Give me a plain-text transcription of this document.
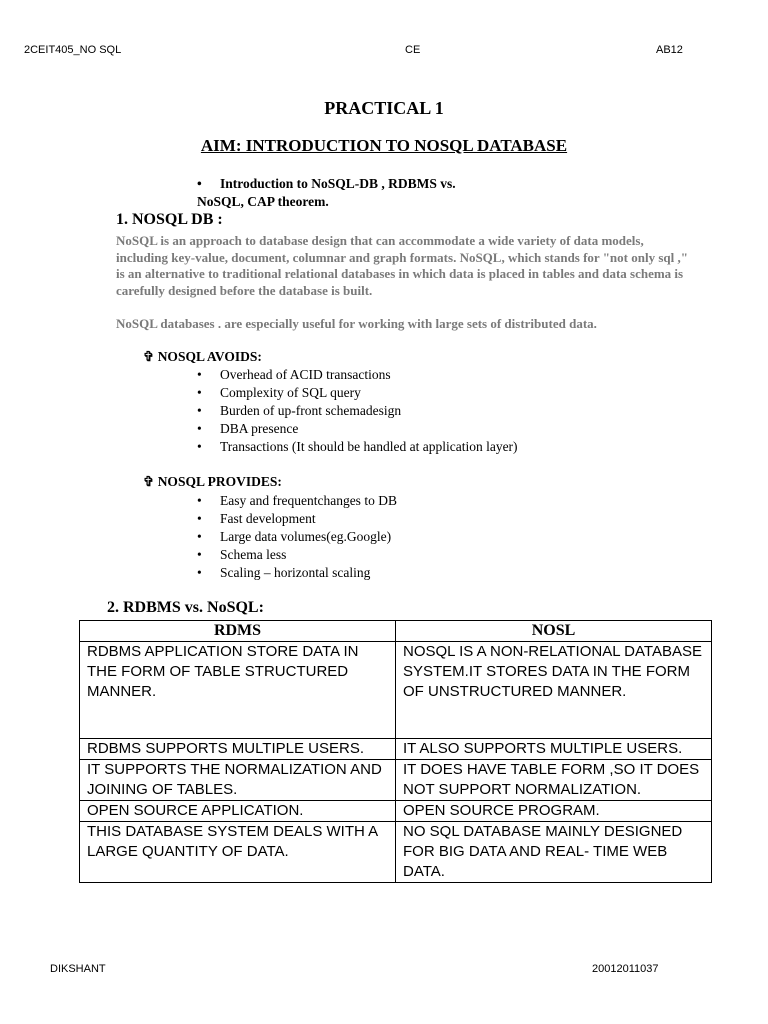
2CEIT405_NO SQL	CE	AB12
PRACTICAL 1
AIM: INTRODUCTION TO NOSQL DATABASE
• Introduction to NoSQL-DB , RDBMS vs.
NoSQL, CAP theorem.
1. NOSQL DB :

NoSQL is an approach to database design that can accommodate a wide variety of data models, including key-value, document, columnar and graph formats. NoSQL, which stands for "not only sql ," is an alternative to traditional relational databases in which data is placed in tables and data schema is carefully designed before the database is built.

NoSQL databases . are especially useful for working with large sets of distributed data.

✞ NOSQL AVOIDS:
• Overhead of ACID transactions
• Complexity of SQL query
• Burden of up-front schemadesign
• DBA presence
• Transactions (It should be handled at application layer)
✞ NOSQL PROVIDES:
• Easy and frequentchanges to DB
• Fast development
• Large data volumes(eg.Google)
• Schema less
• Scaling – horizontal scaling
2. RDBMS vs. NoSQL:
RDMS	NOSL
RDBMS APPLICATION STORE DATA IN THE FORM OF TABLE STRUCTURED MANNER.	NOSQL IS A NON-RELATIONAL DATABASE SYSTEM.IT STORES DATA IN THE FORM OF UNSTRUCTURED MANNER.
RDBMS SUPPORTS MULTIPLE USERS.	IT ALSO SUPPORTS MULTIPLE USERS.
IT SUPPORTS THE NORMALIZATION AND JOINING OF TABLES.	IT DOES HAVE TABLE FORM ,SO IT DOES NOT SUPPORT NORMALIZATION.
OPEN SOURCE APPLICATION.	OPEN SOURCE PROGRAM.
THIS DATABASE SYSTEM DEALS WITH A LARGE QUANTITY OF DATA.	NO SQL DATABASE MAINLY DESIGNED FOR BIG DATA AND REAL- TIME WEB DATA.
DIKSHANT	20012011037
